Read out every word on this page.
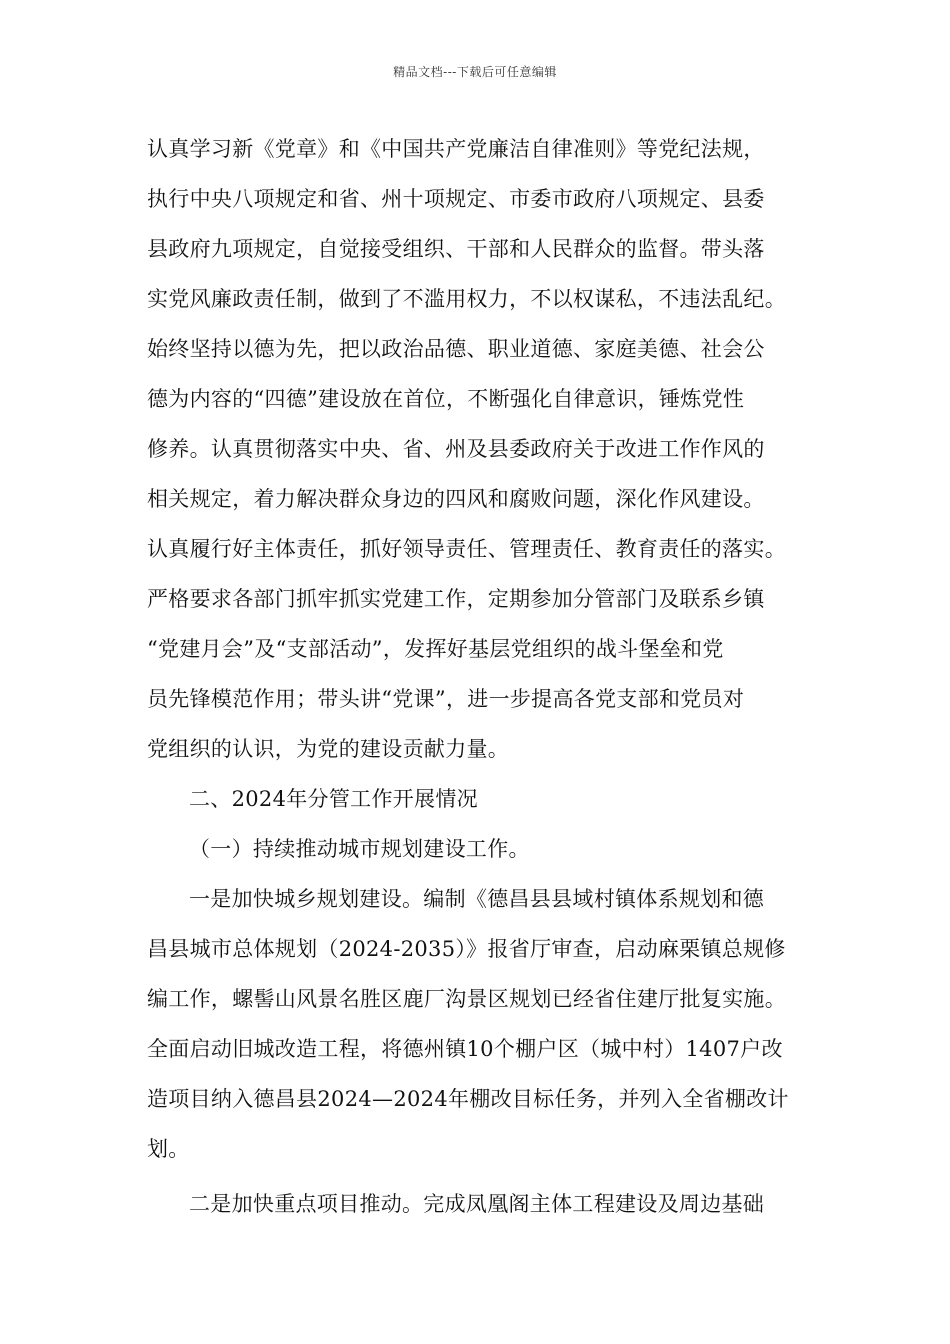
精品文档---下载后可任意编辑
认真学习新《党章》和《中国共产党廉洁自律准则》等党纪法规，
执行中央八项规定和省、州十项规定、市委市政府八项规定、县委
县政府九项规定，自觉接受组织、干部和人民群众的监督。带头落
实党风廉政责任制，做到了不滥用权力，不以权谋私，不违法乱纪。
始终坚持以德为先，把以政治品德、职业道德、家庭美德、社会公
德为内容的“四德”建设放在首位，不断强化自律意识，锤炼党性
修养。认真贯彻落实中央、省、州及县委政府关于改进工作作风的
相关规定，着力解决群众身边的四风和腐败问题，深化作风建设。
认真履行好主体责任，抓好领导责任、管理责任、教育责任的落实。
严格要求各部门抓牢抓实党建工作，定期参加分管部门及联系乡镇
“党建月会”及“支部活动”，发挥好基层党组织的战斗堡垒和党
员先锋模范作用；带头讲“党课”，进一步提高各党支部和党员对
党组织的认识，为党的建设贡献力量。
二、2024年分管工作开展情况
（一）持续推动城市规划建设工作。
一是加快城乡规划建设。编制《德昌县县域村镇体系规划和德
昌县城市总体规划（2024-2035）》报省厅审查，启动麻栗镇总规修
编工作，螺髻山风景名胜区鹿厂沟景区规划已经省住建厅批复实施。
全面启动旧城改造工程，将德州镇10个棚户区（城中村）1407户改
造项目纳入德昌县2024—2024年棚改目标任务，并列入全省棚改计
划。
二是加快重点项目推动。完成凤凰阁主体工程建设及周边基础
